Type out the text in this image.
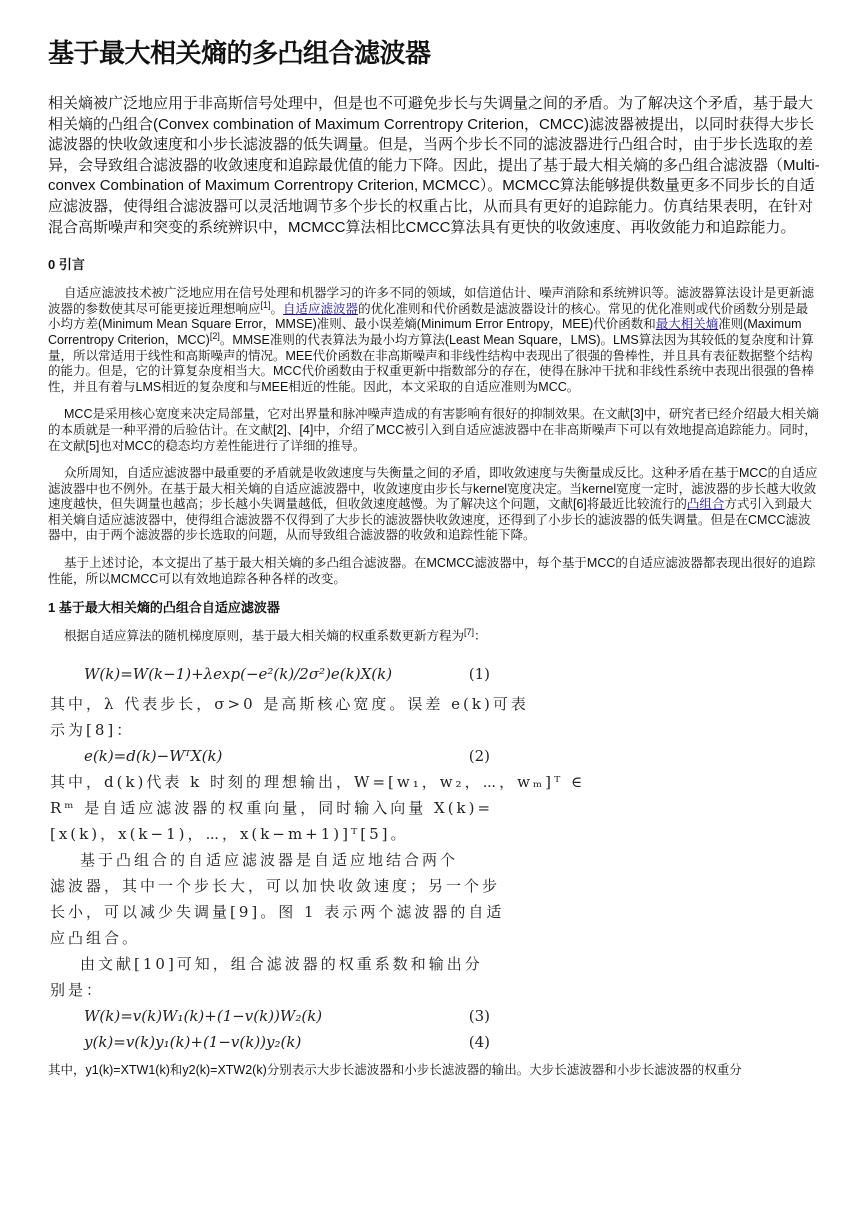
基于最大相关熵的多凸组合滤波器

相关熵被广泛地应用于非高斯信号处理中，但是也不可避免步长与失调量之间的矛盾。为了解决这个矛盾，基于最大相关熵的凸组合(Convex combination of Maximum Correntropy Criterion，CMCC)滤波器被提出，以同时获得大步长滤波器的快收敛速度和小步长滤波器的低失调量。但是，当两个步长不同的滤波器进行凸组合时，由于步长选取的差异，会导致组合滤波器的收敛速度和追踪最优值的能力下降。因此，提出了基于最大相关熵的多凸组合滤波器（Multi-convex Combination of Maximum Correntropy Criterion, MCMCC）。MCMCC算法能够提供数量更多不同步长的自适应滤波器，使得组合滤波器可以灵活地调节多个步长的权重占比，从而具有更好的追踪能力。仿真结果表明，在针对混合高斯噪声和突变的系统辨识中，MCMCC算法相比CMCC算法具有更快的收敛速度、再收敛能力和追踪能力。

0 引言

自适应滤波技术被广泛地应用在信号处理和机器学习的许多不同的领域，如信道估计、噪声消除和系统辨识等。滤波器算法设计是更新滤波器的参数使其尽可能更接近理想响应[1]。自适应滤波器的优化准则和代价函数是滤波器设计的核心。常见的优化准则或代价函数分别是最小均方差(Minimum Mean Square Error，MMSE)准则、最小误差熵(Minimum Error Entropy，MEE)代价函数和最大相关熵准则(Maximum Correntropy Criterion，MCC)[2]。MMSE准则的代表算法为最小均方算法(Least Mean Square，LMS)。LMS算法因为其较低的复杂度和计算量，所以常适用于线性和高斯噪声的情况。MEE代价函数在非高斯噪声和非线性结构中表现出了很强的鲁棒性，并且具有表征数据整个结构的能力。但是，它的计算复杂度相当大。MCC代价函数由于权重更新中指数部分的存在，使得在脉冲干扰和非线性系统中表现出很强的鲁棒性，并且有着与LMS相近的复杂度和与MEE相近的性能。因此，本文采取的自适应准则为MCC。

MCC是采用核心宽度来决定局部量，它对出界量和脉冲噪声造成的有害影响有很好的抑制效果。在文献[3]中，研究者已经介绍最大相关熵的本质就是一种平滑的后验估计。在文献[2]、[4]中，介绍了MCC被引入到自适应滤波器中在非高斯噪声下可以有效地提高追踪能力。同时，在文献[5]也对MCC的稳态均方差性能进行了详细的推导。

众所周知，自适应滤波器中最重要的矛盾就是收敛速度与失衡量之间的矛盾，即收敛速度与失衡量成反比。这种矛盾在基于MCC的自适应滤波器中也不例外。在基于最大相关熵的自适应滤波器中，收敛速度由步长与kernel宽度决定。当kernel宽度一定时，滤波器的步长越大收敛速度越快，但失调量也越高；步长越小失调量越低，但收敛速度越慢。为了解决这个问题，文献[6]将最近比较流行的凸组合方式引入到最大相关熵自适应滤波器中，使得组合滤波器不仅得到了大步长的滤波器快收敛速度，还得到了小步长的滤波器的低失调量。但是在CMCC滤波器中，由于两个滤波器的步长选取的问题，从而导致组合滤波器的收敛和追踪性能下降。

基于上述讨论，本文提出了基于最大相关熵的多凸组合滤波器。在MCMCC滤波器中，每个基于MCC的自适应滤波器都表现出很好的追踪性能，所以MCMCC可以有效地追踪各种各样的改变。

1 基于最大相关熵的凸组合自适应滤波器

根据自适应算法的随机梯度原则，基于最大相关熵的权重系数更新方程为[7]：

W(k)=W(k−1)+λexp(−e²(k)/2σ²)e(k)X(k)	(1)
其中，λ 代表步长，σ>0 是高斯核心宽度。误差 e(k)可表
示为[8]：
e(k)=d(k)−WᵀX(k)	(2)
其中，d(k)代表 k 时刻的理想输出，W=[w₁，w₂，⋯，wₘ]ᵀ ∈
Rᵐ 是自适应滤波器的权重向量，同时输入向量 X(k)=
[x(k)，x(k−1)，⋯，x(k−m+1)]ᵀ[5]。
基于凸组合的自适应滤波器是自适应地结合两个
滤波器，其中一个步长大，可以加快收敛速度；另一个步
长小，可以减少失调量[9]。图 1 表示两个滤波器的自适
应凸组合。
由文献[10]可知，组合滤波器的权重系数和输出分
别是：
W(k)=v(k)W₁(k)+(1−v(k))W₂(k)	(3)
y(k)=v(k)y₁(k)+(1−v(k))y₂(k)	(4)
其中，y1(k)=XTW1(k)和y2(k)=XTW2(k)分别表示大步长滤波器和小步长滤波器的输出。大步长滤波器和小步长滤波器的权重分
